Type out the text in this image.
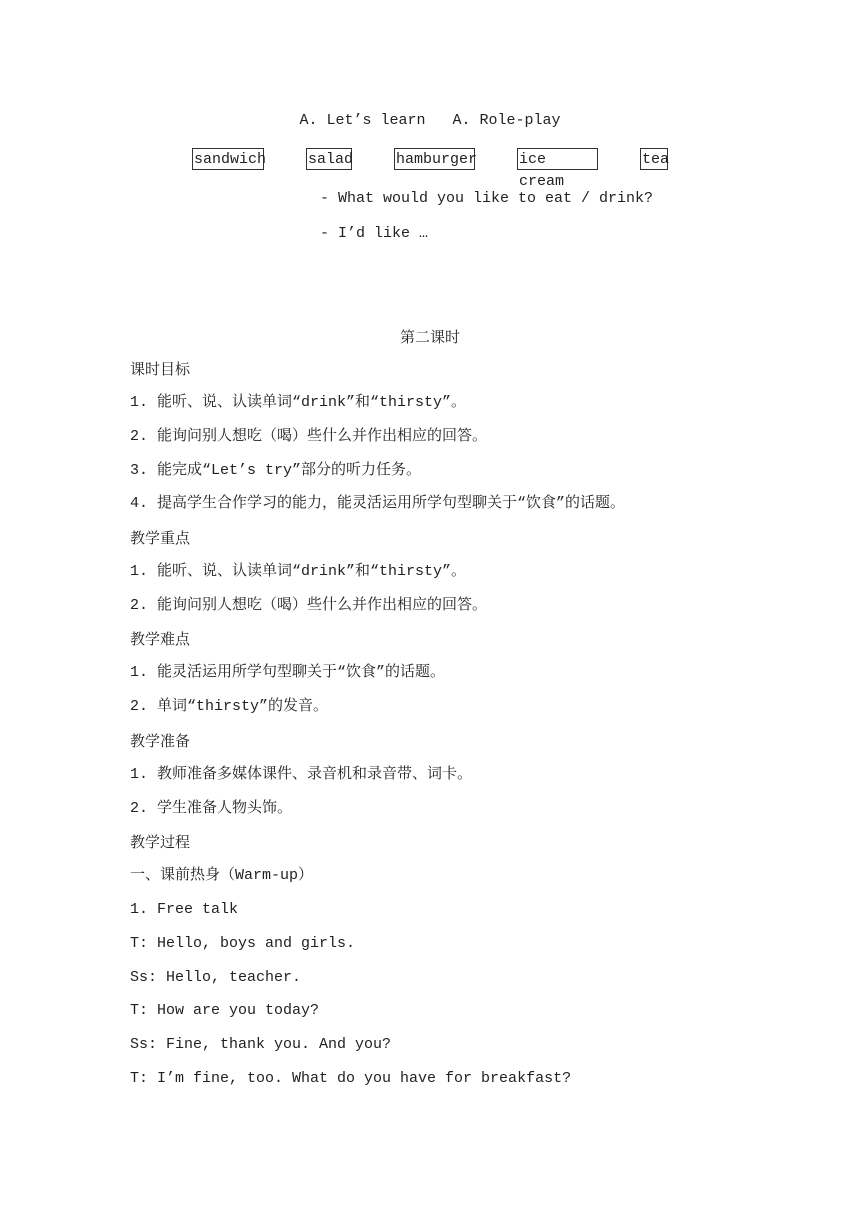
A. Let’s learn   A. Role-play
sandwich	salad	hamburger	ice cream
tea
- What would you like to eat / drink?
- I’d like …
第二课时
课时目标
1. 能听、说、认读单词“drink”和“thirsty”。
2. 能询问别人想吃（喝）些什么并作出相应的回答。
3. 能完成“Let’s try”部分的听力任务。
4. 提高学生合作学习的能力，能灵活运用所学句型聊关于“饮食”的话题。
教学重点
1. 能听、说、认读单词“drink”和“thirsty”。
2. 能询问别人想吃（喝）些什么并作出相应的回答。
教学难点
1. 能灵活运用所学句型聊关于“饮食”的话题。
2. 单词“thirsty”的发音。
教学准备
1. 教师准备多媒体课件、录音机和录音带、词卡。
2. 学生准备人物头饰。
教学过程
一、课前热身（Warm-up）
1. Free talk
T: Hello, boys and girls.
Ss: Hello, teacher.
T: How are you today?
Ss: Fine, thank you. And you?
T: I’m fine, too. What do you have for breakfast?
